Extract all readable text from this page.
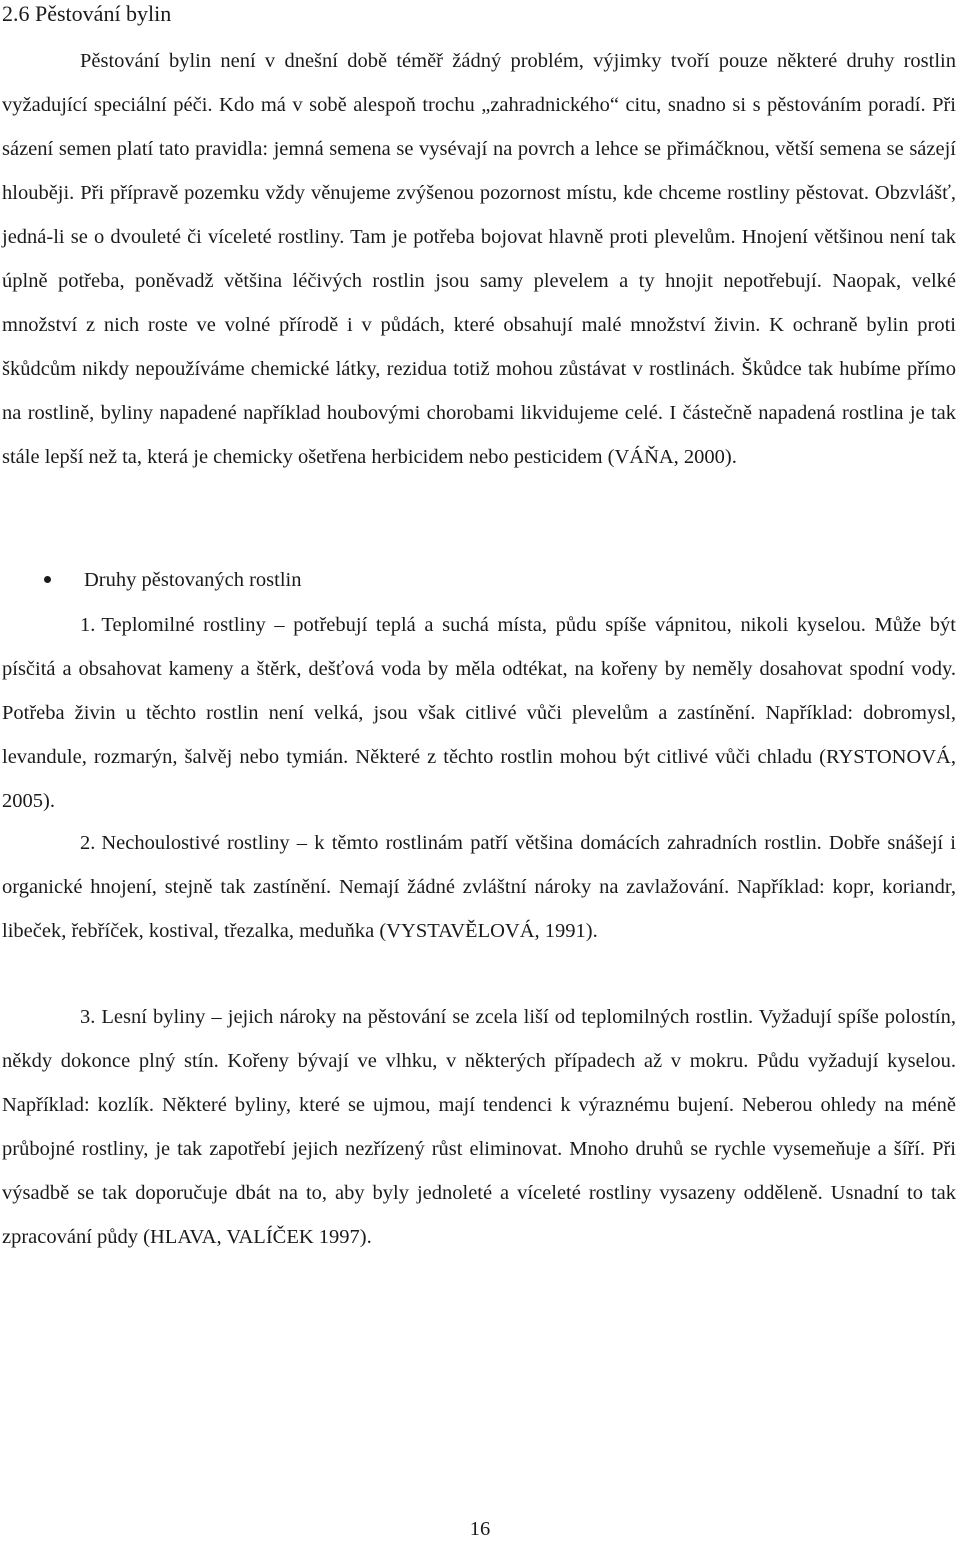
2.6 Pěstování bylin

Pěstování bylin není v dnešní době téměř žádný problém, výjimky tvoří pouze některé druhy rostlin vyžadující speciální péči. Kdo má v sobě alespoň trochu „zahradnického“ citu, snadno si s pěstováním poradí. Při sázení semen platí tato pravidla: jemná semena se vysévají na povrch a lehce se přimáčknou, větší semena se sázejí hlouběji. Při přípravě pozemku vždy věnujeme zvýšenou pozornost místu, kde chceme rostliny pěstovat. Obzvlášť, jedná-li se o dvouleté či víceleté rostliny. Tam je potřeba bojovat hlavně proti plevelům. Hnojení většinou není tak úplně potřeba, poněvadž většina léčivých rostlin jsou samy plevelem a ty hnojit nepotřebují. Naopak, velké množství z nich roste ve volné přírodě i v půdách, které obsahují malé množství živin. K ochraně bylin proti škůdcům nikdy nepoužíváme chemické látky, rezidua totiž mohou zůstávat v rostlinách. Škůdce tak hubíme přímo na rostlině, byliny napadené například houbovými chorobami likvidujeme celé. I částečně napadená rostlina je tak stále lepší než ta, která je chemicky ošetřena herbicidem nebo pesticidem (VÁŇA, 2000).

Druhy pěstovaných rostlin

1. Teplomilné rostliny – potřebují teplá a suchá místa, půdu spíše vápnitou, nikoli kyselou. Může být písčitá a obsahovat kameny a štěrk, dešťová voda by měla odtékat, na kořeny by neměly dosahovat spodní vody. Potřeba živin u těchto rostlin není velká, jsou však citlivé vůči plevelům a zastínění. Například: dobromysl, levandule, rozmarýn, šalvěj nebo tymián. Některé z těchto rostlin mohou být citlivé vůči chladu (RYSTONOVÁ, 2005).

2. Nechoulostivé rostliny – k těmto rostlinám patří většina domácích zahradních rostlin. Dobře snášejí i organické hnojení, stejně tak zastínění. Nemají žádné zvláštní nároky na zavlažování. Například: kopr, koriandr, libeček, řebříček, kostival, třezalka, meduňka (VYSTAVĚLOVÁ, 1991).

3. Lesní byliny – jejich nároky na pěstování se zcela liší od teplomilných rostlin. Vyžadují spíše polostín, někdy dokonce plný stín. Kořeny bývají ve vlhku, v některých případech až v mokru. Půdu vyžadují kyselou. Například: kozlík. Některé byliny, které se ujmou, mají tendenci k výraznému bujení. Neberou ohledy na méně průbojné rostliny, je tak zapotřebí jejich nezřízený růst eliminovat. Mnoho druhů se rychle vysemeňuje a šíří. Při výsadbě se tak doporučuje dbát na to, aby byly jednoleté a víceleté rostliny vysazeny odděleně. Usnadní to tak zpracování půdy (HLAVA, VALÍČEK 1997).

16
